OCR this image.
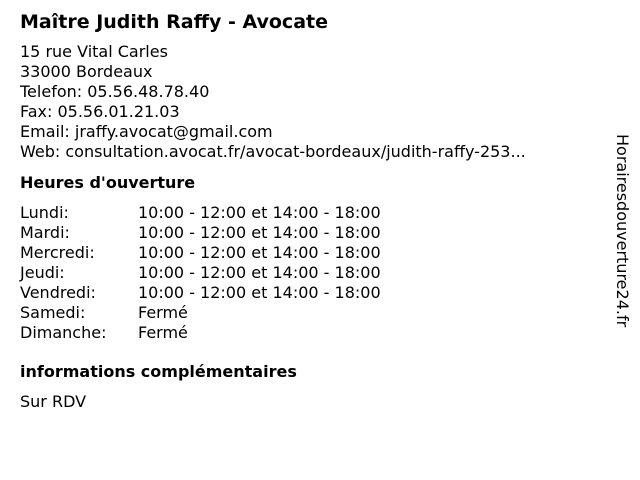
Maître Judith Raffy - Avocate
15 rue Vital Carles
33000 Bordeaux
Telefon: 05.56.48.78.40
Fax: 05.56.01.21.03
Email: jraffy.avocat@gmail.com
Web: consultation.avocat.fr/avocat-bordeaux/judith-raffy-253...
Heures d'ouverture
Lundi:	10:00 - 12:00 et 14:00 - 18:00
Mardi:	10:00 - 12:00 et 14:00 - 18:00
Mercredi:	10:00 - 12:00 et 14:00 - 18:00
Jeudi:	10:00 - 12:00 et 14:00 - 18:00
Vendredi:	10:00 - 12:00 et 14:00 - 18:00
Samedi:	Fermé
Dimanche:	Fermé
informations complémentaires
Sur RDV
Horairesdouverture24.fr
